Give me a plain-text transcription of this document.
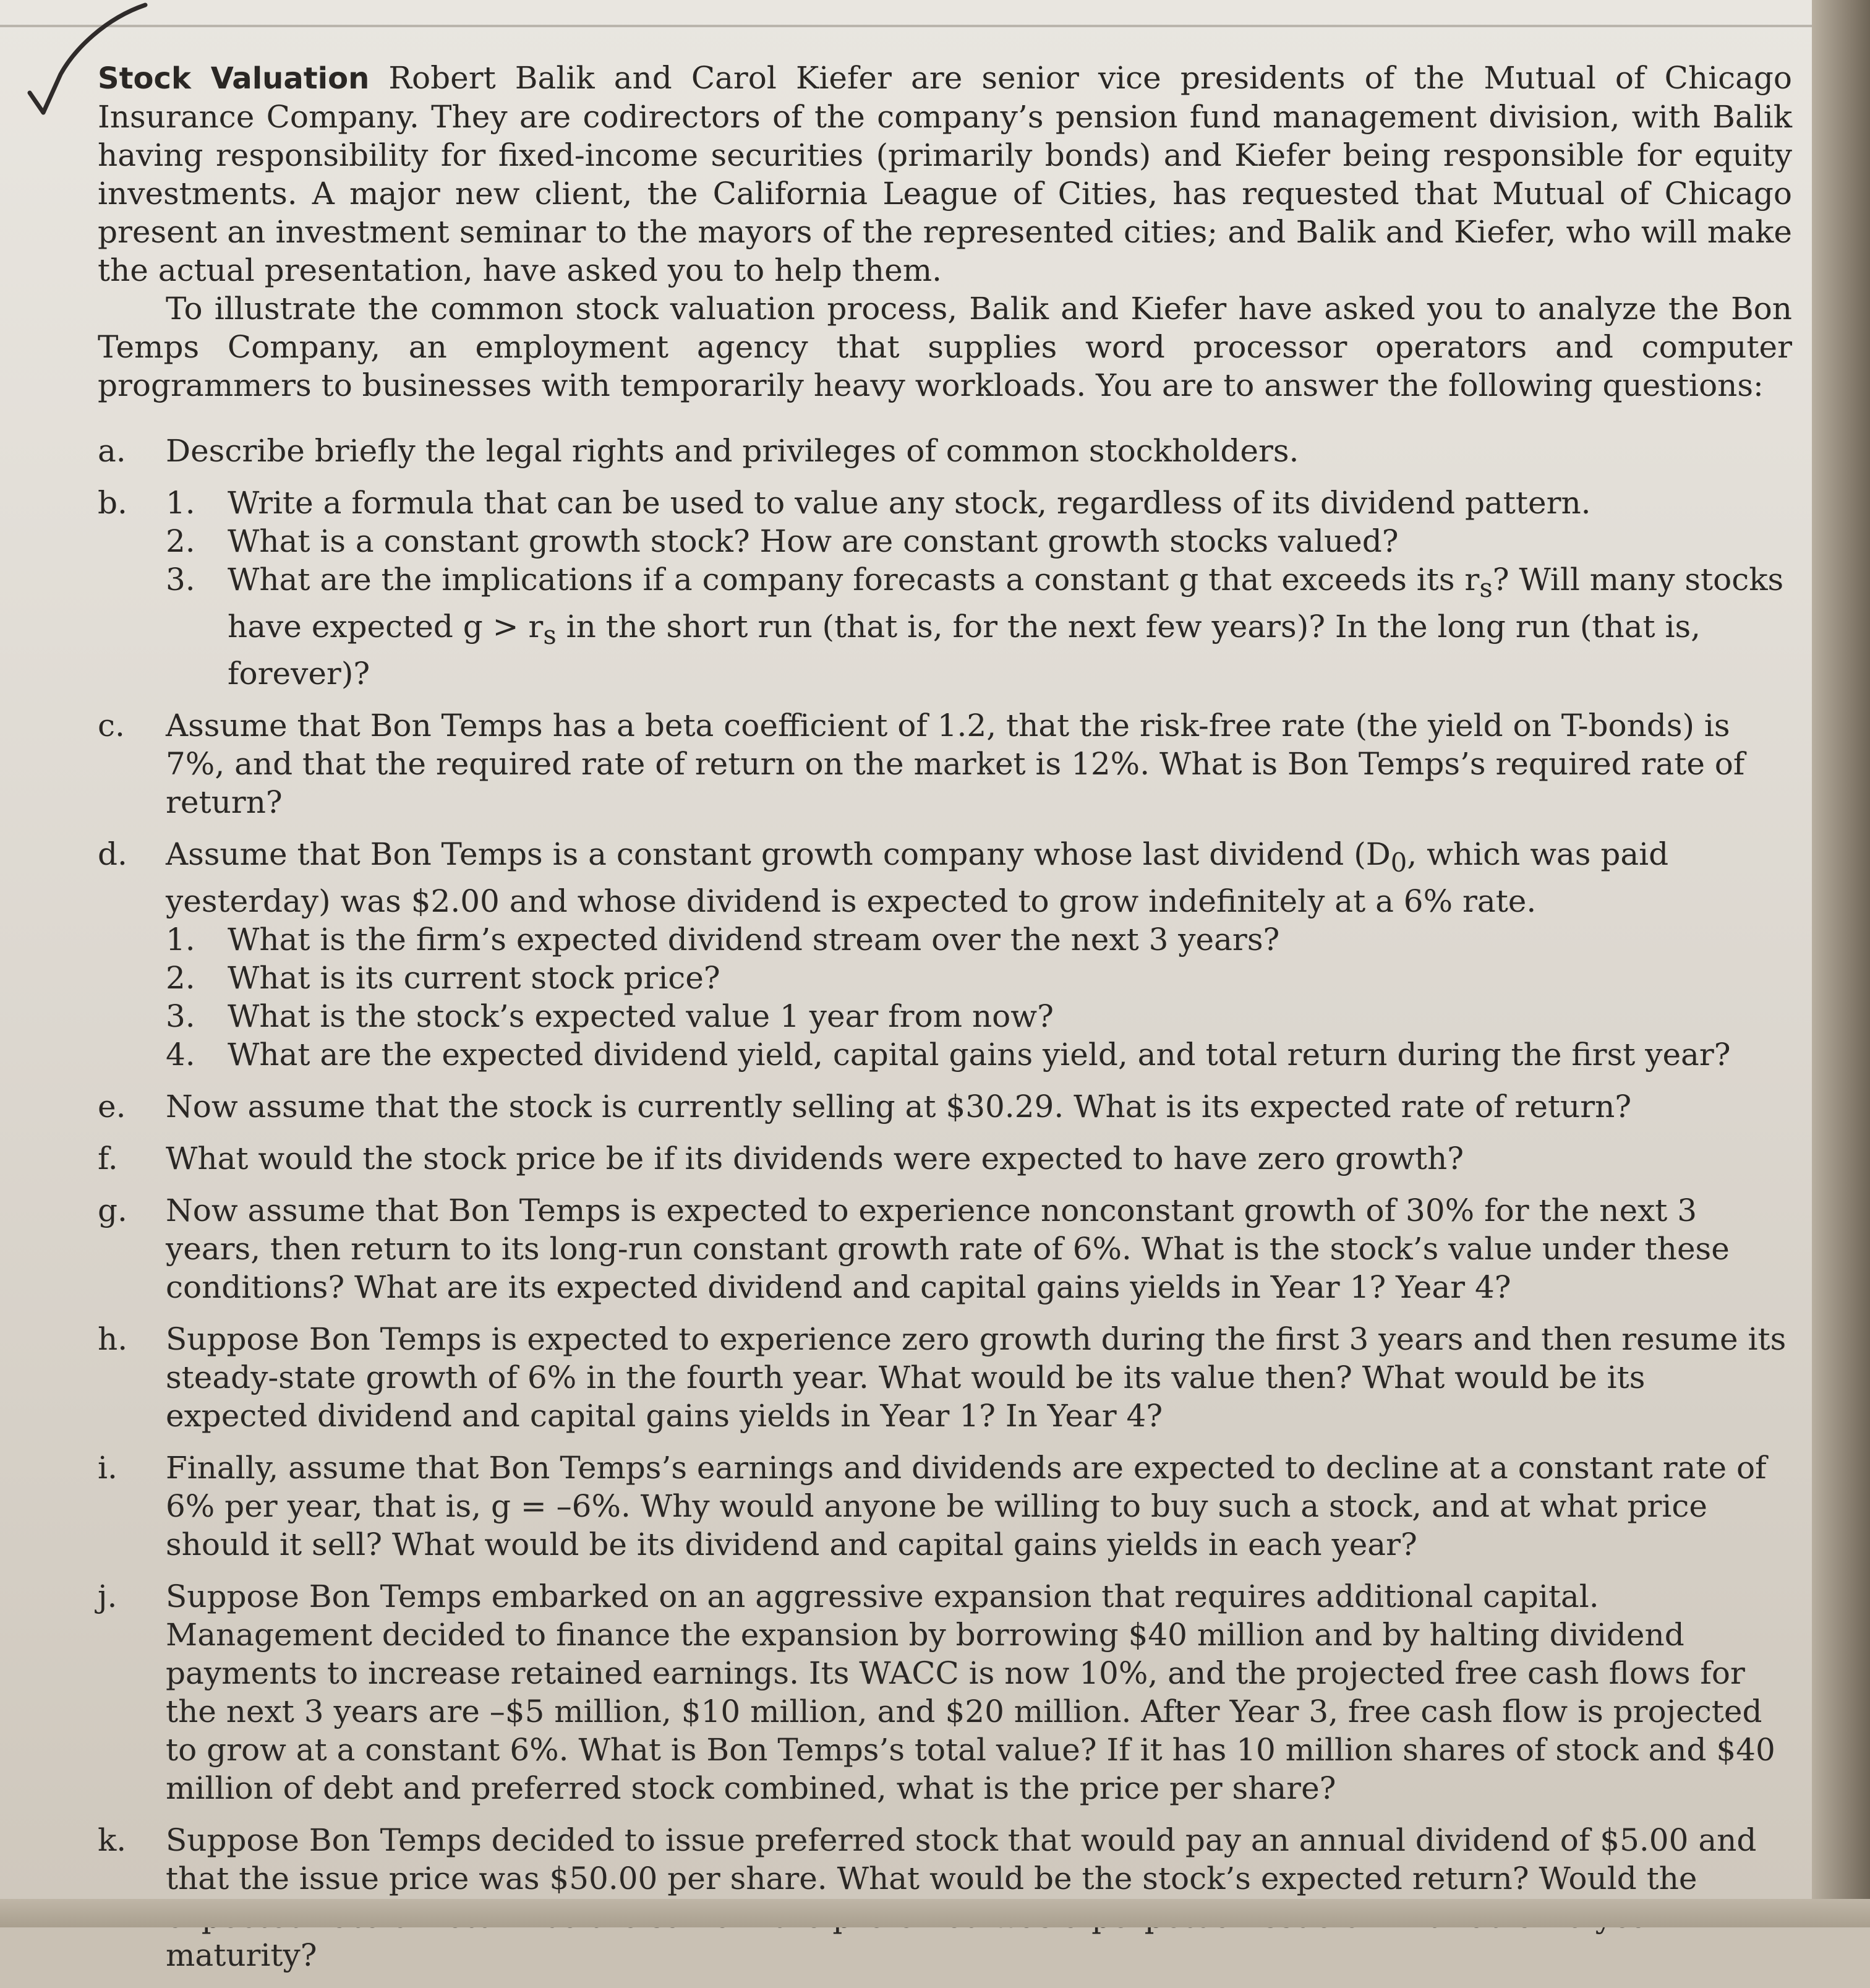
Stock Valuation Robert Balik and Carol Kiefer are senior vice presidents of the Mutual of Chicago Insurance Company. They are codirectors of the company’s pension fund management division, with Balik having responsibility for fixed-income securities (primarily bonds) and Kiefer being responsible for equity investments. A major new client, the California League of Cities, has requested that Mutual of Chicago present an investment seminar to the mayors of the represented cities; and Balik and Kiefer, who will make the actual presentation, have asked you to help them.

To illustrate the common stock valuation process, Balik and Kiefer have asked you to analyze the Bon Temps Company, an employment agency that supplies word processor operators and computer programmers to businesses with temporarily heavy workloads. You are to answer the following questions:

a.	Describe briefly the legal rights and privileges of common stockholders.
b.	1.	Write a formula that can be used to value any stock, regardless of its dividend pattern.
2.	What is a constant growth stock? How are constant growth stocks valued?
3.	What are the implications if a company forecasts a constant g that exceeds its $r_s$? Will many stocks have expected $g > r_s$ in the short run (that is, for the next few years)? In the long run (that is, forever)?
c.	Assume that Bon Temps has a beta coefficient of 1.2, that the risk-free rate (the yield on T-bonds) is 7%, and that the required rate of return on the market is 12%. What is Bon Temps’s required rate of return?
d.	Assume that Bon Temps is a constant growth company whose last dividend ($D_0$, which was paid yesterday) was $2.00 and whose dividend is expected to grow indefinitely at a 6% rate.
1.	What is the firm’s expected dividend stream over the next 3 years?
2.	What is its current stock price?
3.	What is the stock’s expected value 1 year from now?
4.	What are the expected dividend yield, capital gains yield, and total return during the first year?
e.	Now assume that the stock is currently selling at $30.29. What is its expected rate of return?
f.	What would the stock price be if its dividends were expected to have zero growth?
g.	Now assume that Bon Temps is expected to experience nonconstant growth of 30% for the next 3 years, then return to its long-run constant growth rate of 6%. What is the stock’s value under these conditions? What are its expected dividend and capital gains yields in Year 1? Year 4?
h.	Suppose Bon Temps is expected to experience zero growth during the first 3 years and then resume its steady-state growth of 6% in the fourth year. What would be its value then? What would be its expected dividend and capital gains yields in Year 1? In Year 4?
i.	Finally, assume that Bon Temps’s earnings and dividends are expected to decline at a constant rate of 6% per year, that is, g = –6%. Why would anyone be willing to buy such a stock, and at what price should it sell? What would be its dividend and capital gains yields in each year?
j.	Suppose Bon Temps embarked on an aggressive expansion that requires additional capital. Management decided to finance the expansion by borrowing $40 million and by halting dividend payments to increase retained earnings. Its WACC is now 10%, and the projected free cash flows for the next 3 years are –$5 million, $10 million, and $20 million. After Year 3, free cash flow is projected to grow at a constant 6%. What is Bon Temps’s total value? If it has 10 million shares of stock and $40 million of debt and preferred stock combined, what is the price per share?
k.	Suppose Bon Temps decided to issue preferred stock that would pay an annual dividend of $5.00 and that the issue price was $50.00 per share. What would be the stock’s expected return? Would the maturity?
